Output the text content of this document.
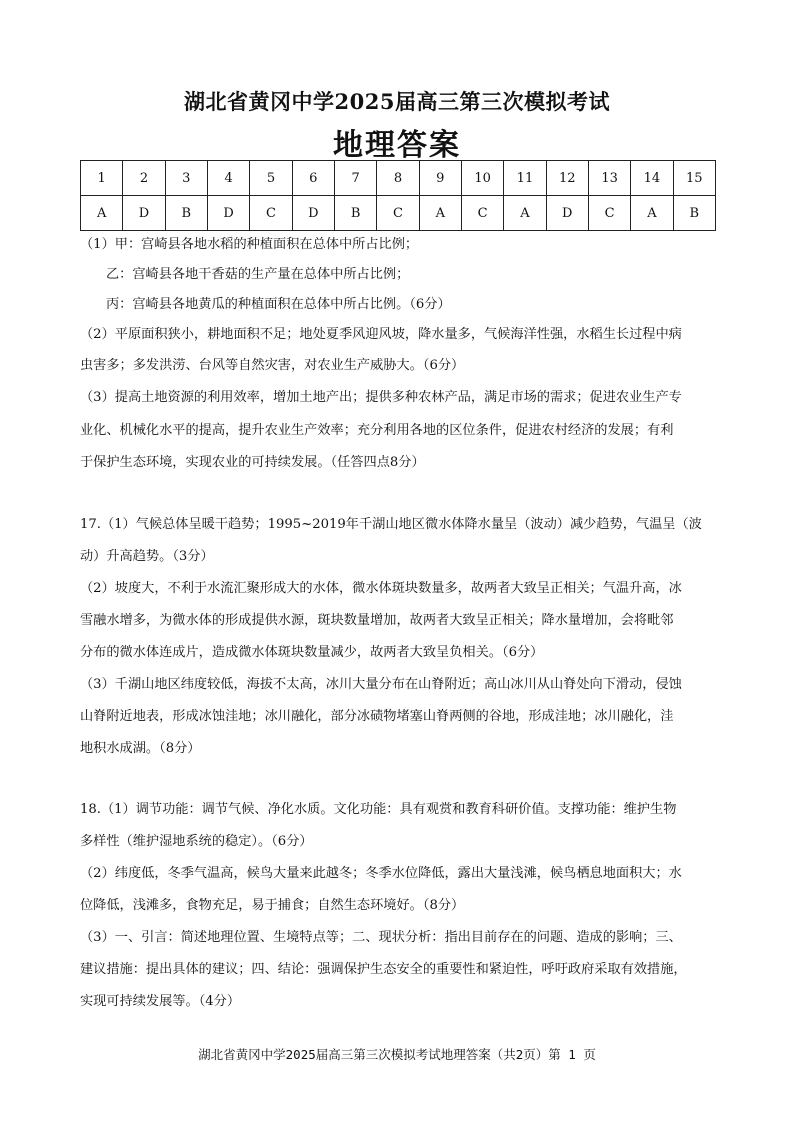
湖北省黄冈中学2025届高三第三次模拟考试
地理答案
1	2	3	4	5	6	7	8	9	10	11	12	13	14	15
A	D	B	D	C	D	B	C	A	C	A	D	C	A	B
（1）甲：宫崎县各地水稻的种植面积在总体中所占比例；
乙：宫崎县各地干香菇的生产量在总体中所占比例；
丙：宫崎县各地黄瓜的种植面积在总体中所占比例。（6分）
（2）平原面积狭小，耕地面积不足；地处夏季风迎风坡，降水量多，气候海洋性强，水稻生长过程中病
虫害多；多发洪涝、台风等自然灾害，对农业生产威胁大。（6分）
（3）提高土地资源的利用效率，增加土地产出；提供多种农林产品，满足市场的需求；促进农业生产专
业化、机械化水平的提高，提升农业生产效率；充分利用各地的区位条件，促进农村经济的发展；有利
于保护生态环境，实现农业的可持续发展。（任答四点8分）
17.（1）气候总体呈暖干趋势；1995~2019年千湖山地区微水体降水量呈（波动）减少趋势，气温呈（波
动）升高趋势。（3分）
（2）坡度大，不利于水流汇聚形成大的水体，微水体斑块数量多，故两者大致呈正相关；气温升高，冰
雪融水增多，为微水体的形成提供水源，斑块数量增加，故两者大致呈正相关；降水量增加，会将毗邻
分布的微水体连成片，造成微水体斑块数量减少，故两者大致呈负相关。（6分）
（3）千湖山地区纬度较低，海拔不太高，冰川大量分布在山脊附近；高山冰川从山脊处向下滑动，侵蚀
山脊附近地表，形成冰蚀洼地；冰川融化，部分冰碛物堵塞山脊两侧的谷地，形成洼地；冰川融化，洼
地积水成湖。（8分）
18.（1）调节功能：调节气候、净化水质。文化功能：具有观赏和教育科研价值。支撑功能：维护生物
多样性（维护湿地系统的稳定）。（6分）
（2）纬度低，冬季气温高，候鸟大量来此越冬；冬季水位降低，露出大量浅滩，候鸟栖息地面积大；水
位降低，浅滩多，食物充足，易于捕食；自然生态环境好。（8分）
（3）一、引言：简述地理位置、生境特点等；二、现状分析：指出目前存在的问题、造成的影响；三、
建议措施：提出具体的建议；四、结论：强调保护生态安全的重要性和紧迫性，呼吁政府采取有效措施，
实现可持续发展等。（4分）
湖北省黄冈中学2025届高三第三次模拟考试地理答案（共2页）第 1 页
